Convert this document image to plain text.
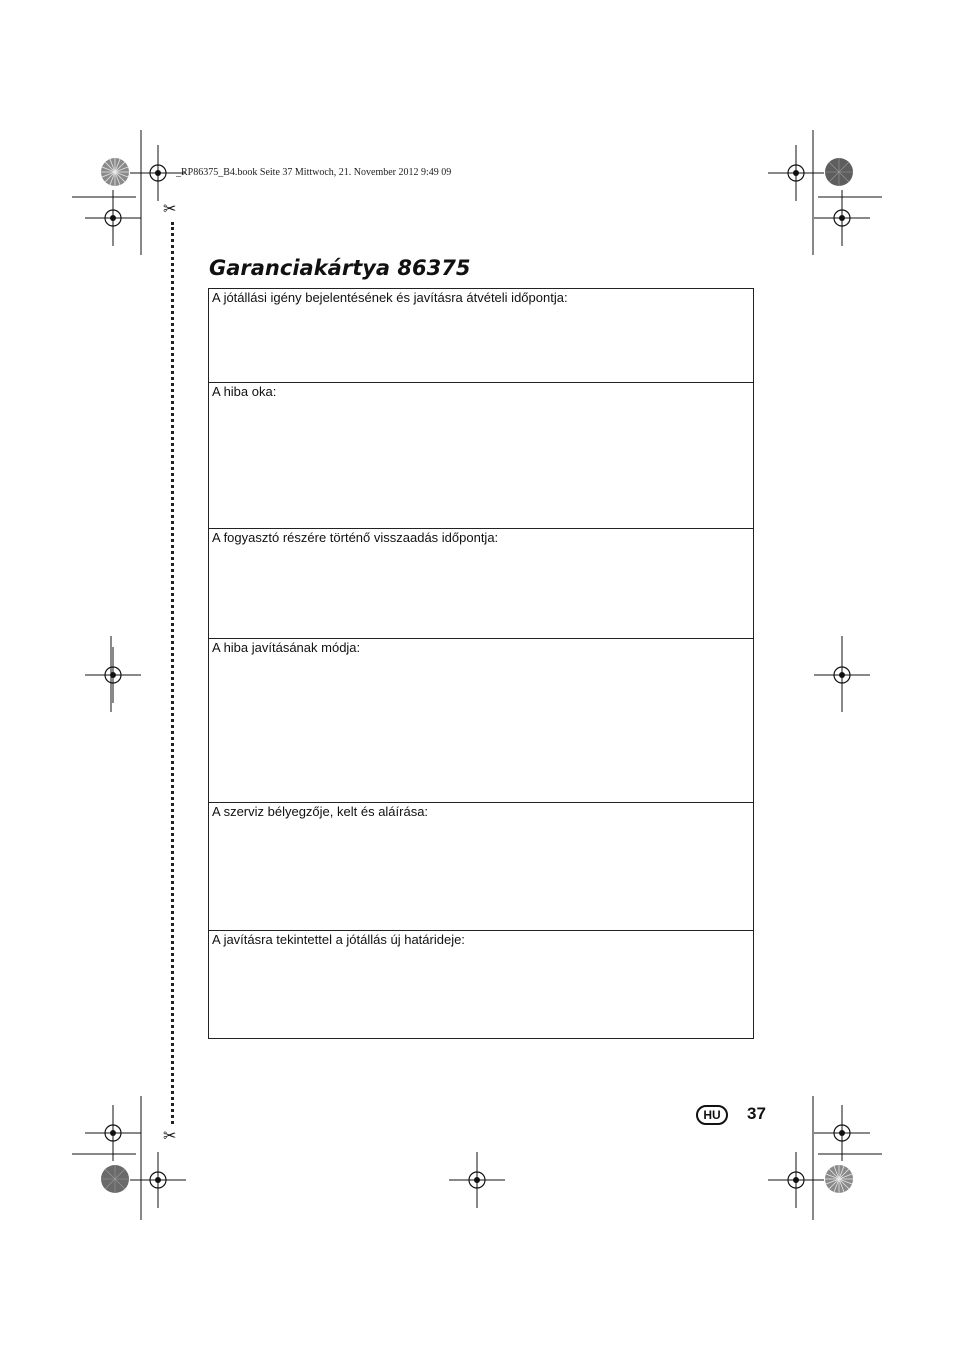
✂
✂
_RP86375_B4.book Seite 37 Mittwoch, 21. November 2012 9:49 09
Garanciakártya 86375
A jótállási igény bejelentésének és javításra átvételi időpontja:
A hiba oka:
A fogyasztó részére történő visszaadás időpontja:
A hiba javításának módja:
A szerviz bélyegzője, kelt és aláírása:
A javításra tekintettel a jótállás új határideje:
HU	37
